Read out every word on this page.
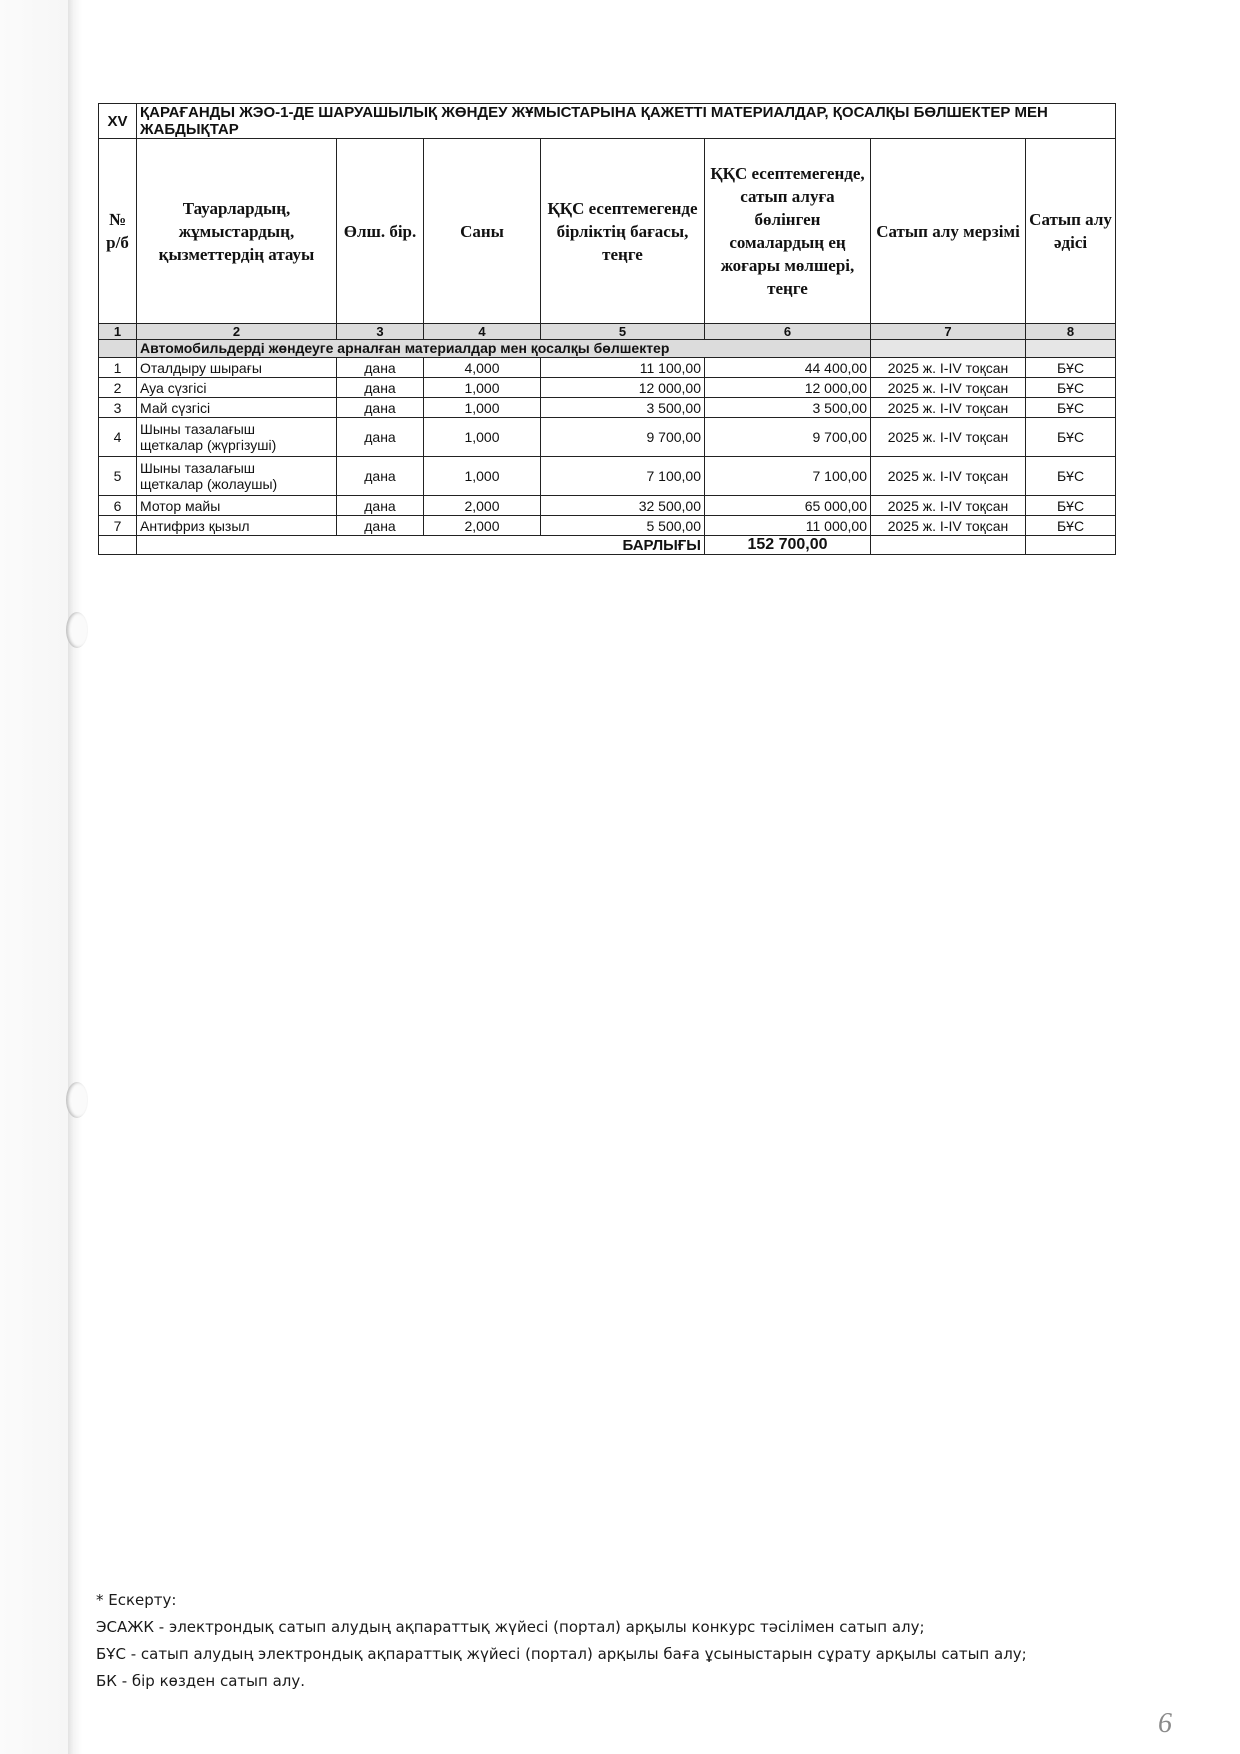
XV	ҚАРАҒАНДЫ ЖЭО-1-ДЕ ШАРУАШЫЛЫҚ ЖӨНДЕУ ЖҰМЫСТАРЫНА ҚАЖЕТТІ МАТЕРИАЛДАР, ҚОСАЛҚЫ БӨЛШЕКТЕР МЕН ЖАБДЫҚТАР						
№ р/б	Тауарлардың, жұмыстардың, қызметтердің атауы	Өлш. бір.	Саны	ҚҚС есептемегенде бірліктің бағасы, теңге	ҚҚС есептемегенде, сатып алуға бөлінген сомалардың ең жоғары мөлшері, теңге	Сатып алу мерзімі	Сатып алу әдісі
1	2	3	4	5	6	7	8
	Автомобильдерді жөндеуге арналған материалдар мен қосалқы бөлшектер						
1	Оталдыру шырағы	дана	4,000	11 100,00	44 400,00	2025 ж. I-IV тоқсан	БҰС
2	Ауа сүзгісі	дана	1,000	12 000,00	12 000,00	2025 ж. I-IV тоқсан	БҰС
3	Май сүзгісі	дана	1,000	3 500,00	3 500,00	2025 ж. I-IV тоқсан	БҰС
4	Шыны тазалағыш
щеткалар (жүргізуші)	дана	1,000	9 700,00	9 700,00	2025 ж. I-IV тоқсан	БҰС
5	Шыны тазалағыш
щеткалар (жолаушы)	дана	1,000	7 100,00	7 100,00	2025 ж. I-IV тоқсан	БҰС
6	Мотор майы	дана	2,000	32 500,00	65 000,00	2025 ж. I-IV тоқсан	БҰС
7	Антифриз қызыл	дана	2,000	5 500,00	11 000,00	2025 ж. I-IV тоқсан	БҰС
	БАРЛЫҒЫ				152 700,00		
* Ескерту:
ЭСАЖК - электрондық сатып алудың ақпараттық жүйесі (портал) арқылы конкурс тәсілімен сатып алу;
БҰС - сатып алудың электрондық ақпараттық жүйесі (портал) арқылы баға ұсыныстарын сұрату арқылы сатып алу;
БК - бір көзден сатып алу.
6
